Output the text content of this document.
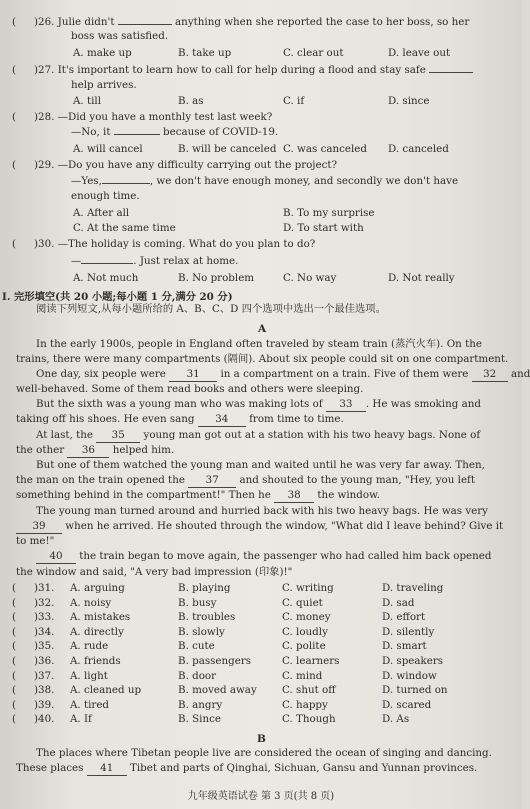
( )26. Julie didn't	anything when she reported the case to her boss, so her
boss was satisfied.
A. make up	B. take up	C. clear out	D. leave out
( )27. It's important to learn how to call for help during a flood and stay safe
help arrives.
A. till	B. as	C. if	D. since
( )28. —Did you have a monthly test last week?
—No, it	because of COVID-19.
A. will cancel	B. will be canceled C. was canceled D. canceled
( )29. —Do you have any difficulty carrying out the project?
—Yes,	, we don't have enough money, and secondly we don't have
enough time.
A. After all	B. To my surprise
C. At the same time	D. To start with
( )30. —The holiday is coming. What do you plan to do?
—	. Just relax at home.
A. Not much	B. No problem	C. No way	D. Not really
Ⅰ. 完形填空(共 20 小题;每小题 1 分,满分 20 分)
阅读下列短文,从每小题所给的 A、B、C、D 四个选项中选出一个最佳选项。
A
In the early 1900s, people in England often traveled by steam train (蒸汽火车). On the
trains, there were many compartments (隔间). About six people could sit on one compartment.
One day, six people were 31 in a compartment on a train. Five of them were 32 and
well-behaved. Some of them read books and others were sleeping.
But the sixth was a young man who was making lots of 33 . He was smoking and
taking off his shoes. He even sang 34 from time to time.
At last, the 35 young man got out at a station with his two heavy bags. None of
the other 36 helped him.
But one of them watched the young man and waited until he was very far away. Then,
the man on the train opened the 37 and shouted to the young man, "Hey, you left
something behind in the compartment!" Then he 38 the window.
The young man turned around and hurried back with his two heavy bags. He was very
39 when he arrived. He shouted through the window, "What did I leave behind? Give it
to me!"
40 the train began to move again, the passenger who had called him back opened
the window and said, "A very bad impression (印象)!"
( )31. A. arguing	B. playing	C. writing	D. traveling
( )32. A. noisy	B. busy	C. quiet	D. sad
( )33. A. mistakes	B. troubles	C. money	D. effort
( )34. A. directly	B. slowly	C. loudly	D. silently
( )35. A. rude	B. cute	C. polite	D. smart
( )36. A. friends	B. passengers	C. learners	D. speakers
( )37. A. light	B. door	C. mind	D. window
( )38. A. cleaned up	B. moved away C. shut off	D. turned on
( )39. A. tired	B. angry	C. happy	D. scared
( )40. A. If	B. Since	C. Though	D. As
B
The places where Tibetan people live are considered the ocean of singing and dancing.
These places 41 Tibet and parts of Qinghai, Sichuan, Gansu and Yunnan provinces.
九年级英语试卷 第 3 页(共 8 页)
